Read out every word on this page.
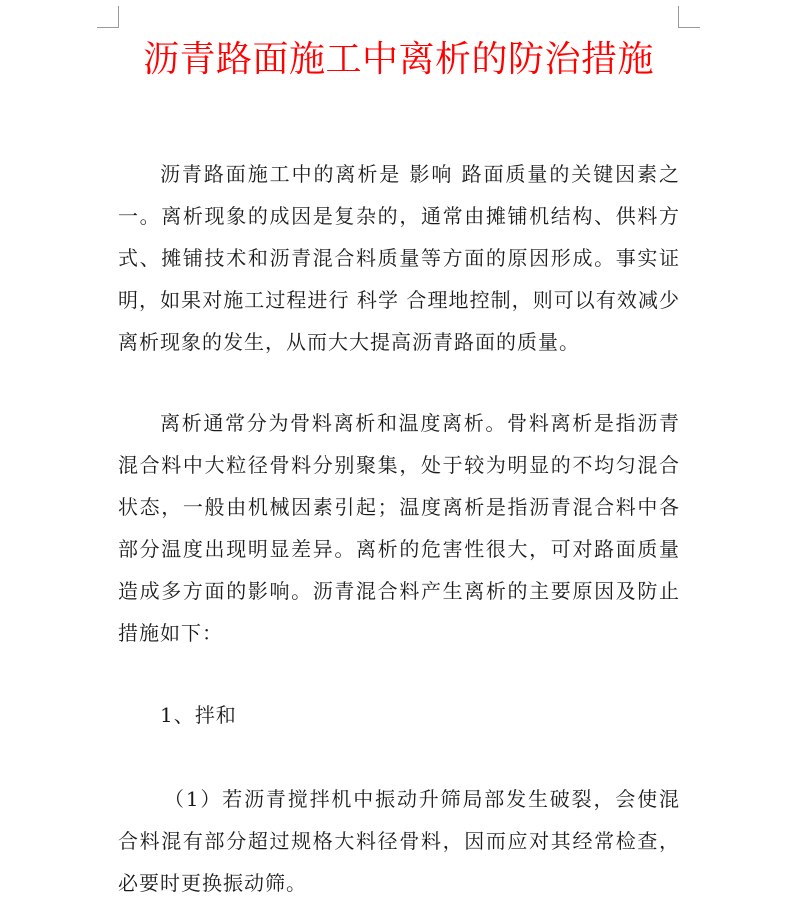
沥青路面施工中离析的防治措施

沥青路面施工中的离析是 影响 路面质量的关键因素之一。离析现象的成因是复杂的，通常由摊铺机结构、供料方式、摊铺技术和沥青混合料质量等方面的原因形成。事实证明，如果对施工过程进行 科学 合理地控制，则可以有效减少离析现象的发生，从而大大提高沥青路面的质量。

离析通常分为骨料离析和温度离析。骨料离析是指沥青混合料中大粒径骨料分别聚集，处于较为明显的不均匀混合状态，一般由机械因素引起；温度离析是指沥青混合料中各部分温度出现明显差异。离析的危害性很大，可对路面质量造成多方面的影响。沥青混合料产生离析的主要原因及防止措施如下：

1、拌和

（1）若沥青搅拌机中振动升筛局部发生破裂，会使混合料混有部分超过规格大料径骨料，因而应对其经常检查，必要时更换振动筛。
